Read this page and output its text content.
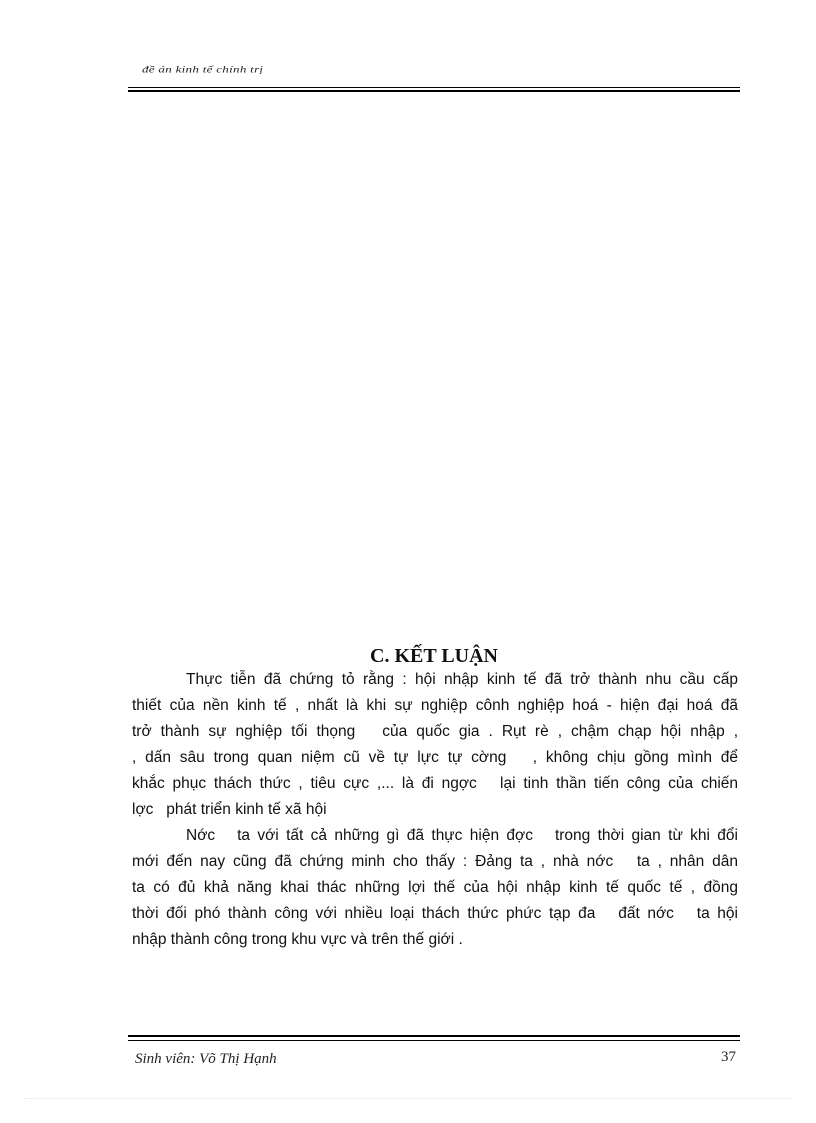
đề án kinh tế chính trị
C. KẾT LUẬN
Thực tiễn đã chứng tỏ rằng : hội nhập kinh tế đã trở thành nhu cầu cấp
thiết của nền kinh tế , nhất là khi sự nghiệp cônh nghiệp hoá - hiện đại hoá đã
trở thành sự nghiệp tối thọng   của quốc gia . Rụt rè , chậm chạp hội nhập ,
, dấn sâu trong quan niệm cũ về tự lực tự cờng   , không chịu gồng mình để
khắc phục thách thức , tiêu cực ,... là đi ngợc   lại tinh thần tiến công của chiến
lợc   phát triển kinh tế xã hội
Nớc   ta với tất cả những gì đã thực hiện đợc   trong thời gian từ khi đổi
mới đến nay cũng đã chứng minh cho thấy : Đảng ta , nhà nớc   ta , nhân dân
ta có đủ khả năng khai thác những lợi thế của hội nhập kinh tế quốc tế , đồng
thời đối phó thành công với nhiều loại thách thức phức tạp đa   đất nớc   ta hội
nhập thành công trong khu vực và trên thế giới .
Sinh viên: Võ Thị Hạnh	37
